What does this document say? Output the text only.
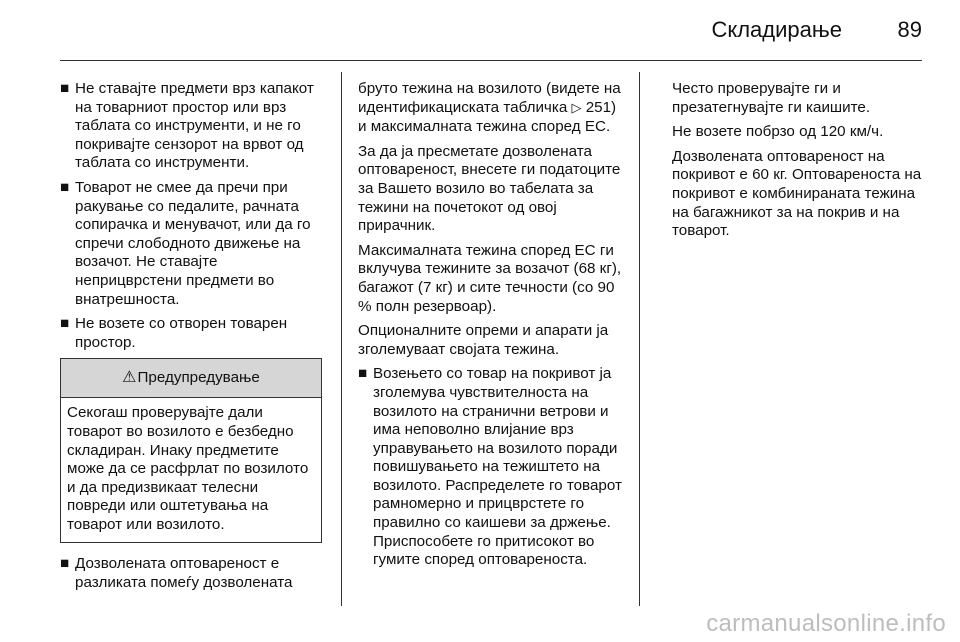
Складирање	89
■ Не ставајте предмети врз капакот на товарниот простор или врз таблата со инструменти, и не го покривајте сензорот на врвот од таблата со инструменти.
■ Товарот не смее да пречи при ракување со педалите, рачната сопирачка и менувачот, или да го спречи слободното движење на возачот. Не ставајте неприцврстени предмети во внатрешноста.
■ Не возете со отворен товарен простор.
⚠ Предупредување
Секогаш проверувајте дали товарот во возилото е безбедно складиран. Инаку предметите може да се расфрлат по возилото и да предизвикаат телесни повреди или оштетувања на товарот или возилото.
■ Дозволената оптовареност е разликата помеѓу дозволената

бруто тежина на возилото (видете на идентификациската табличка ▷ 251) и максималната тежина според ЕС.

За да ја пресметате дозволената оптовареност, внесете ги податоците за Вашето возило во табелата за тежини на почетокот од овој прирачник.

Максималната тежина според ЕС ги вклучува тежините за возачот (68 кг), багажот (7 кг) и сите течности (со 90 % полн резервоар).

Опционалните опреми и апарати ја зголемуваат својата тежина.

■ Возењето со товар на покривот ја зголемува чувствителноста на возилото на странични ветрови и има неповолно влијание врз управувањето на возилото поради повишувањето на тежиштето на возилото. Распределете го товарот рамномерно и прицврстете го правилно со каишеви за држење. Приспособете го притисокот во гумите според оптовареноста.

Често проверувајте ги и презатегнувајте ги каишите.

Не возете побрзо од 120 км/ч.

Дозволената оптовареност на покривот е 60 кг. Оптовареноста на покривот е комбинираната тежина на багажникот за на покрив и на товарот.

carmanualsonline.info
